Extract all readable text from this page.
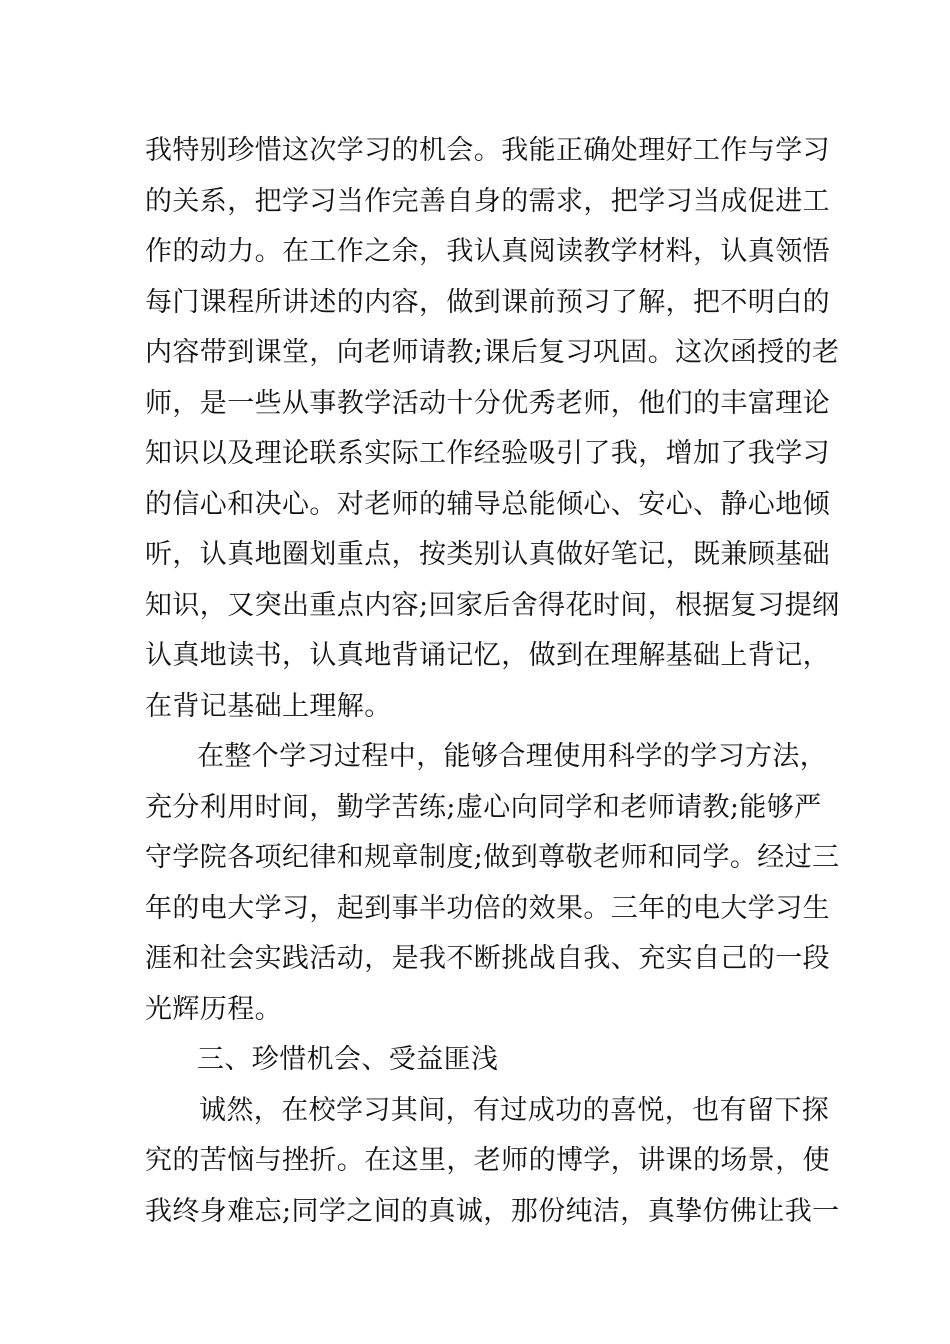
我特别珍惜这次学习的机会。我能正确处理好工作与学习
的关系，把学习当作完善自身的需求，把学习当成促进工
作的动力。在工作之余，我认真阅读教学材料，认真领悟
每门课程所讲述的内容，做到课前预习了解，把不明白的
内容带到课堂，向老师请教;课后复习巩固。这次函授的老
师，是一些从事教学活动十分优秀老师，他们的丰富理论
知识以及理论联系实际工作经验吸引了我，增加了我学习
的信心和决心。对老师的辅导总能倾心、安心、静心地倾
听，认真地圈划重点，按类别认真做好笔记，既兼顾基础
知识，又突出重点内容;回家后舍得花时间，根据复习提纲
认真地读书，认真地背诵记忆，做到在理解基础上背记，
在背记基础上理解。
在整个学习过程中，能够合理使用科学的学习方法，
充分利用时间，勤学苦练;虚心向同学和老师请教;能够严
守学院各项纪律和规章制度;做到尊敬老师和同学。经过三
年的电大学习，起到事半功倍的效果。三年的电大学习生
涯和社会实践活动，是我不断挑战自我、充实自己的一段
光辉历程。
三、珍惜机会、受益匪浅
诚然，在校学习其间，有过成功的喜悦，也有留下探
究的苦恼与挫折。在这里，老师的博学，讲课的场景，使
我终身难忘;同学之间的真诚，那份纯洁，真挚仿佛让我一
